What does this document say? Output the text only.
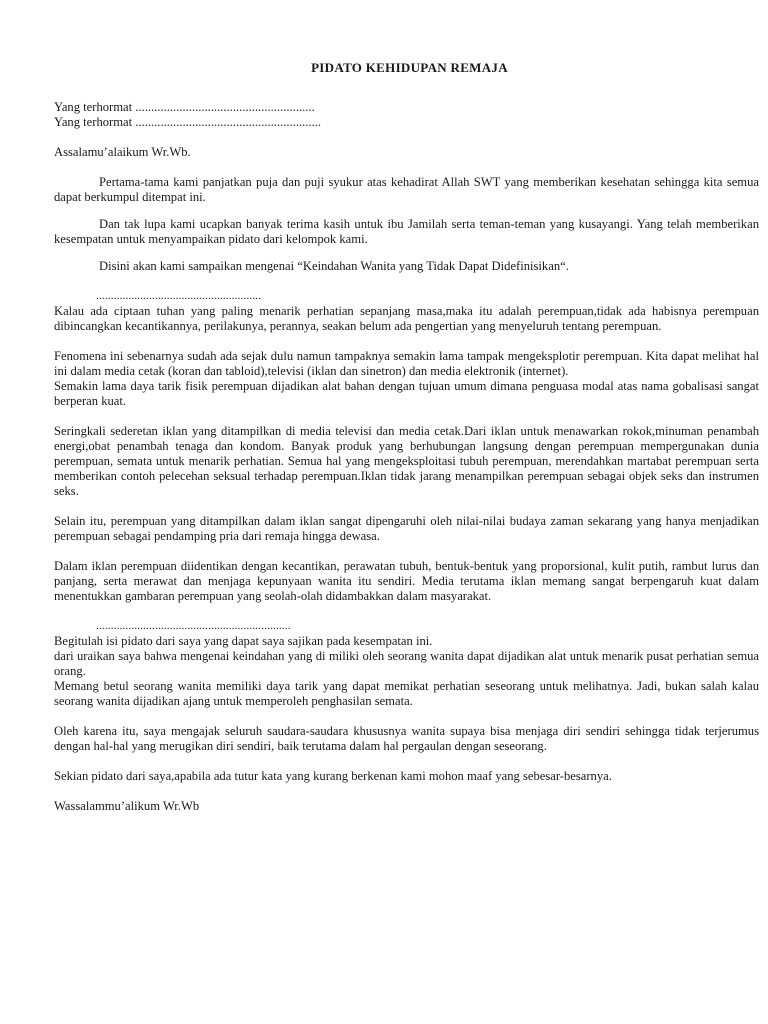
PIDATO KEHIDUPAN REMAJA
Yang terhormat .........................................................
Yang terhormat ...........................................................
Assalamu’alaikum Wr.Wb.

Pertama-tama kami panjatkan puja dan puji syukur atas kehadirat Allah SWT yang memberikan kesehatan sehingga kita semua dapat berkumpul ditempat ini.

Dan tak lupa kami ucapkan banyak terima kasih untuk ibu Jamilah serta teman-teman yang kusayangi. Yang telah memberikan kesempatan untuk menyampaikan pidato dari kelompok kami.

Disini akan kami sampaikan mengenai “Keindahan Wanita yang Tidak Dapat Didefinisikan“.

........................................................

Kalau ada ciptaan tuhan yang paling menarik perhatian sepanjang masa,maka itu adalah perempuan,tidak ada habisnya perempuan dibincangkan kecantikannya, perilakunya, perannya, seakan belum ada pengertian yang menyeluruh tentang perempuan.

Fenomena ini sebenarnya sudah ada sejak dulu namun tampaknya semakin lama tampak mengeksplotir perempuan. Kita dapat melihat hal ini dalam media cetak (koran dan tabloid),televisi (iklan dan sinetron) dan media elektronik (internet).

Semakin lama daya tarik fisik perempuan dijadikan alat bahan dengan tujuan umum dimana penguasa modal atas nama gobalisasi sangat berperan kuat.

Seringkali sederetan iklan yang ditampilkan di media televisi dan media cetak.Dari iklan untuk menawarkan rokok,minuman penambah energi,obat penambah tenaga dan kondom. Banyak produk yang berhubungan langsung dengan perempuan mempergunakan dunia perempuan, semata untuk menarik perhatian. Semua hal yang mengeksploitasi tubuh perempuan, merendahkan martabat perempuan serta memberikan contoh pelecehan seksual terhadap perempuan.Iklan tidak jarang menampilkan perempuan sebagai objek seks dan instrumen seks.

Selain itu, perempuan yang ditampilkan dalam iklan sangat dipengaruhi oleh nilai-nilai budaya zaman sekarang yang hanya menjadikan perempuan sebagai pendamping pria dari remaja hingga dewasa.

Dalam iklan perempuan diidentikan dengan kecantikan, perawatan tubuh, bentuk-bentuk yang proporsional, kulit putih, rambut lurus dan panjang, serta merawat dan menjaga kepunyaan wanita itu sendiri. Media terutama iklan memang sangat berpengaruh kuat dalam menentukkan gambaran perempuan yang seolah-olah didambakkan dalam masyarakat.

..................................................................
Begitulah isi pidato dari saya yang dapat saya sajikan pada kesempatan ini.

dari uraikan saya bahwa mengenai keindahan yang di miliki oleh seorang wanita dapat dijadikan alat untuk menarik pusat perhatian semua orang.

Memang betul seorang wanita memiliki daya tarik yang dapat memikat perhatian seseorang untuk melihatnya. Jadi, bukan salah kalau seorang wanita dijadikan ajang untuk memperoleh penghasilan semata.

Oleh karena itu, saya mengajak seluruh saudara-saudara khususnya wanita supaya bisa menjaga diri sendiri sehingga tidak terjerumus dengan hal-hal yang merugikan diri sendiri, baik terutama dalam hal pergaulan dengan seseorang.

Sekian pidato dari saya,apabila ada tutur kata yang kurang berkenan kami mohon maaf yang sebesar-besarnya.
Wassalammu’alikum Wr.Wb
